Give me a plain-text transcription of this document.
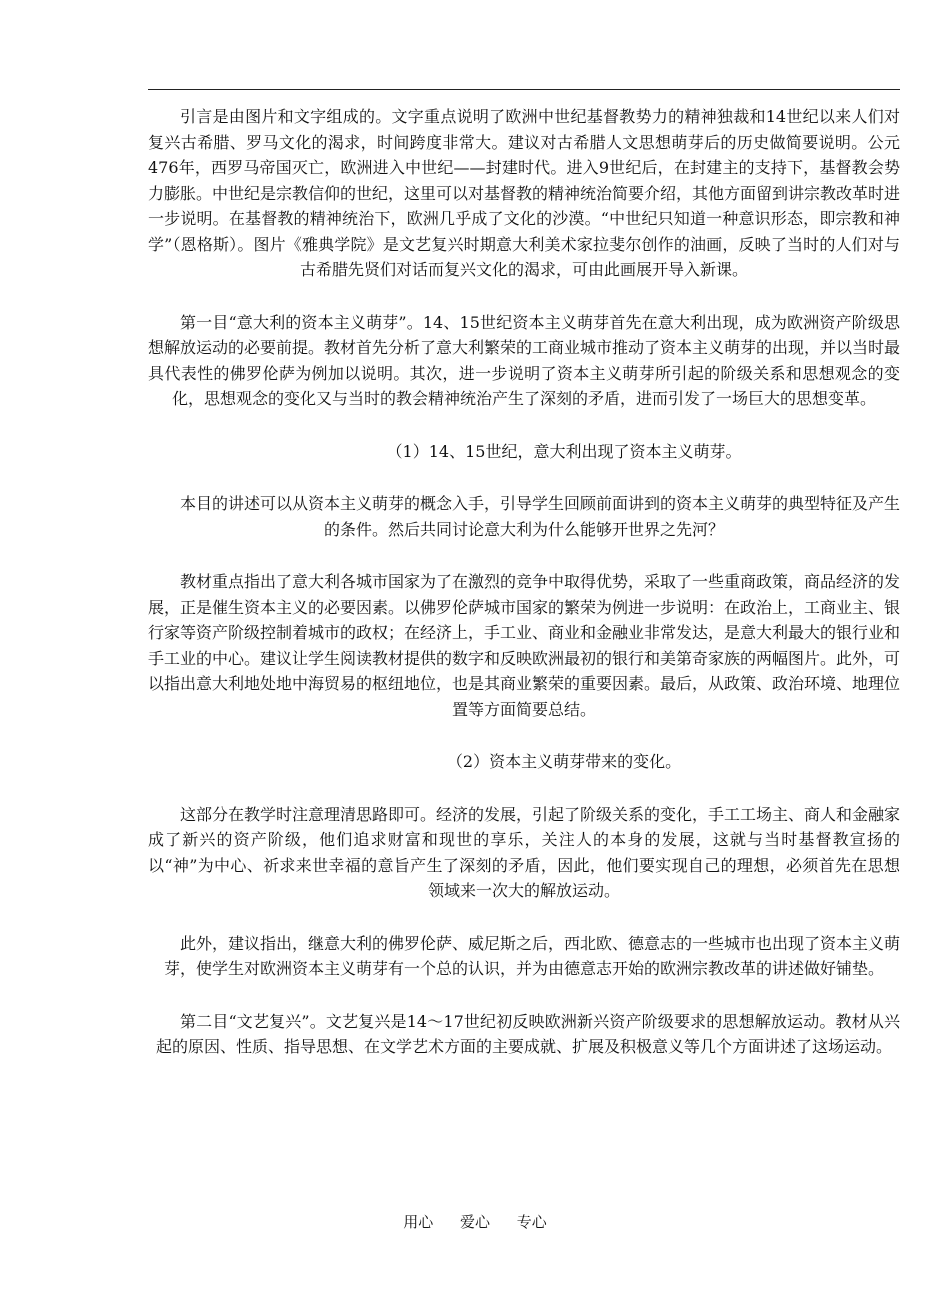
引言是由图片和文字组成的。文字重点说明了欧洲中世纪基督教势力的精神独裁和14世纪以来人们对复兴古希腊、罗马文化的渴求，时间跨度非常大。建议对古希腊人文思想萌芽后的历史做简要说明。公元476年，西罗马帝国灭亡，欧洲进入中世纪——封建时代。进入9世纪后，在封建主的支持下，基督教会势力膨胀。中世纪是宗教信仰的世纪，这里可以对基督教的精神统治简要介绍，其他方面留到讲宗教改革时进一步说明。在基督教的精神统治下，欧洲几乎成了文化的沙漠。“中世纪只知道一种意识形态，即宗教和神学”（恩格斯）。图片《雅典学院》是文艺复兴时期意大利美术家拉斐尔创作的油画，反映了当时的人们对与古希腊先贤们对话而复兴文化的渴求，可由此画展开导入新课。

第一目“意大利的资本主义萌芽”。14、15世纪资本主义萌芽首先在意大利出现，成为欧洲资产阶级思想解放运动的必要前提。教材首先分析了意大利繁荣的工商业城市推动了资本主义萌芽的出现，并以当时最具代表性的佛罗伦萨为例加以说明。其次，进一步说明了资本主义萌芽所引起的阶级关系和思想观念的变化，思想观念的变化又与当时的教会精神统治产生了深刻的矛盾，进而引发了一场巨大的思想变革。

（1）14、15世纪，意大利出现了资本主义萌芽。

本目的讲述可以从资本主义萌芽的概念入手，引导学生回顾前面讲到的资本主义萌芽的典型特征及产生的条件。然后共同讨论意大利为什么能够开世界之先河？

教材重点指出了意大利各城市国家为了在激烈的竞争中取得优势，采取了一些重商政策，商品经济的发展，正是催生资本主义的必要因素。以佛罗伦萨城市国家的繁荣为例进一步说明：在政治上，工商业主、银行家等资产阶级控制着城市的政权；在经济上，手工业、商业和金融业非常发达，是意大利最大的银行业和手工业的中心。建议让学生阅读教材提供的数字和反映欧洲最初的银行和美第奇家族的两幅图片。此外，可以指出意大利地处地中海贸易的枢纽地位，也是其商业繁荣的重要因素。最后，从政策、政治环境、地理位置等方面简要总结。

（2）资本主义萌芽带来的变化。

这部分在教学时注意理清思路即可。经济的发展，引起了阶级关系的变化，手工工场主、商人和金融家成了新兴的资产阶级，他们追求财富和现世的享乐，关注人的本身的发展，这就与当时基督教宣扬的以“神”为中心、祈求来世幸福的意旨产生了深刻的矛盾，因此，他们要实现自己的理想，必须首先在思想领域来一次大的解放运动。

此外，建议指出，继意大利的佛罗伦萨、威尼斯之后，西北欧、德意志的一些城市也出现了资本主义萌芽，使学生对欧洲资本主义萌芽有一个总的认识，并为由德意志开始的欧洲宗教改革的讲述做好铺垫。

第二目“文艺复兴”。文艺复兴是14～17世纪初反映欧洲新兴资产阶级要求的思想解放运动。教材从兴起的原因、性质、指导思想、在文学艺术方面的主要成就、扩展及积极意义等几个方面讲述了这场运动。

用心 爱心 专心
